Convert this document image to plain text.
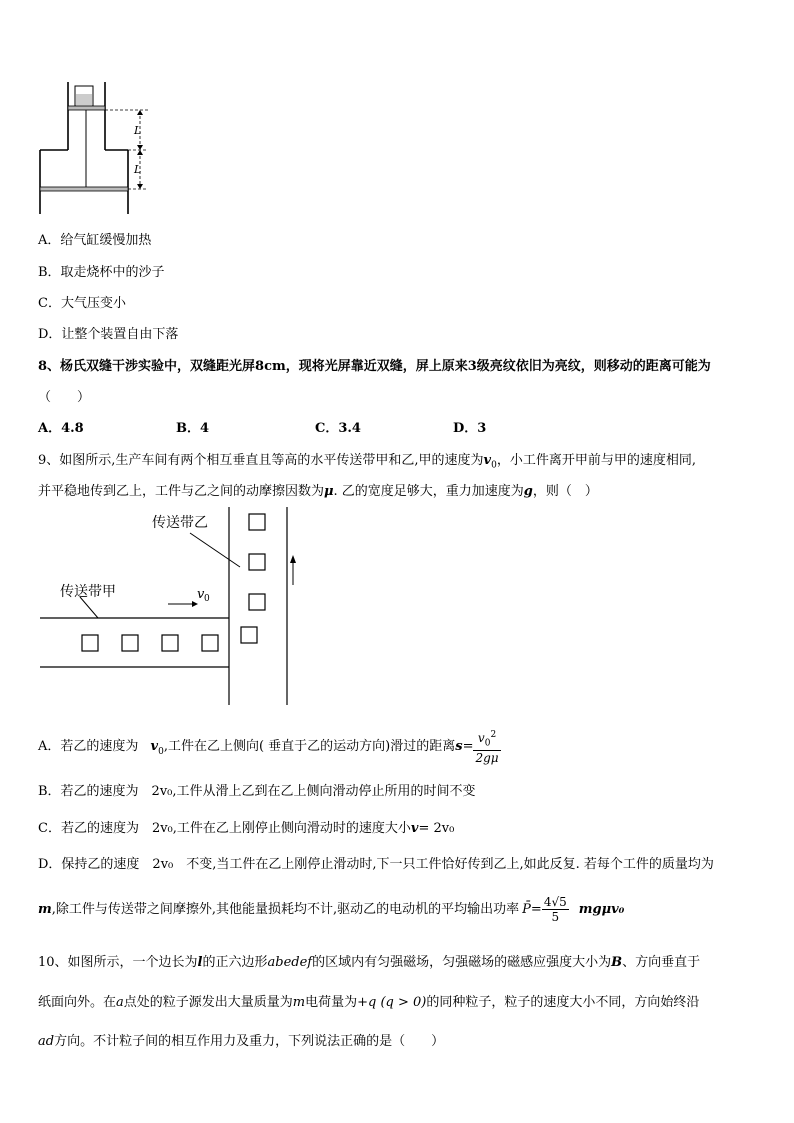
L
L
A．给气缸缓慢加热
B．取走烧杯中的沙子
C．大气压变小
D．让整个装置自由下落
8、杨氏双缝干涉实验中，双缝距光屏8cm，现将光屏靠近双缝，屏上原来3级亮纹依旧为亮纹，则移动的距离可能为
（　　）
A．4.8	B．4	C．3.4	D．3
9、如图所示,生产车间有两个相互垂直且等高的水平传送带甲和乙,甲的速度为$v_0$，小工件离开甲前与甲的速度相同,
并平稳地传到乙上，工件与乙之间的动摩擦因数为μ. 乙的宽度足够大，重力加速度为g，则（　）
传送带乙
传送带甲	v 0
A．若乙的速度为 $v_0$,工件在乙上侧向( 垂直于乙的运动方向)滑过的距离$s= \frac{v_0^2}{2g\mu}$
B．若乙的速度为　2v₀,工件从滑上乙到在乙上侧向滑动停止所用的时间不变
C．若乙的速度为　2v₀,工件在乙上刚停止侧向滑动时的速度大小v= 2v₀
D．保持乙的速度　2v₀　不变,当工件在乙上刚停止滑动时,下一只工件恰好传到乙上,如此反复. 若每个工件的质量均为
m,除工件与传送带之间摩擦外,其他能量损耗均不计,驱动乙的电动机的平均输出功率 P̄= $\frac{4√5}{5} mg\mu v_0$
10、如图所示，一个边长为l的正六边形abedef的区域内有匀强磁场，匀强磁场的磁感应强度大小为B、方向垂直于
纸面向外。在a点处的粒子源发出大量质量为m电荷量为+q (q > 0)的同种粒子，粒子的速度大小不同，方向始终沿
ad方向。不计粒子间的相互作用力及重力，下列说法正确的是（　　）
